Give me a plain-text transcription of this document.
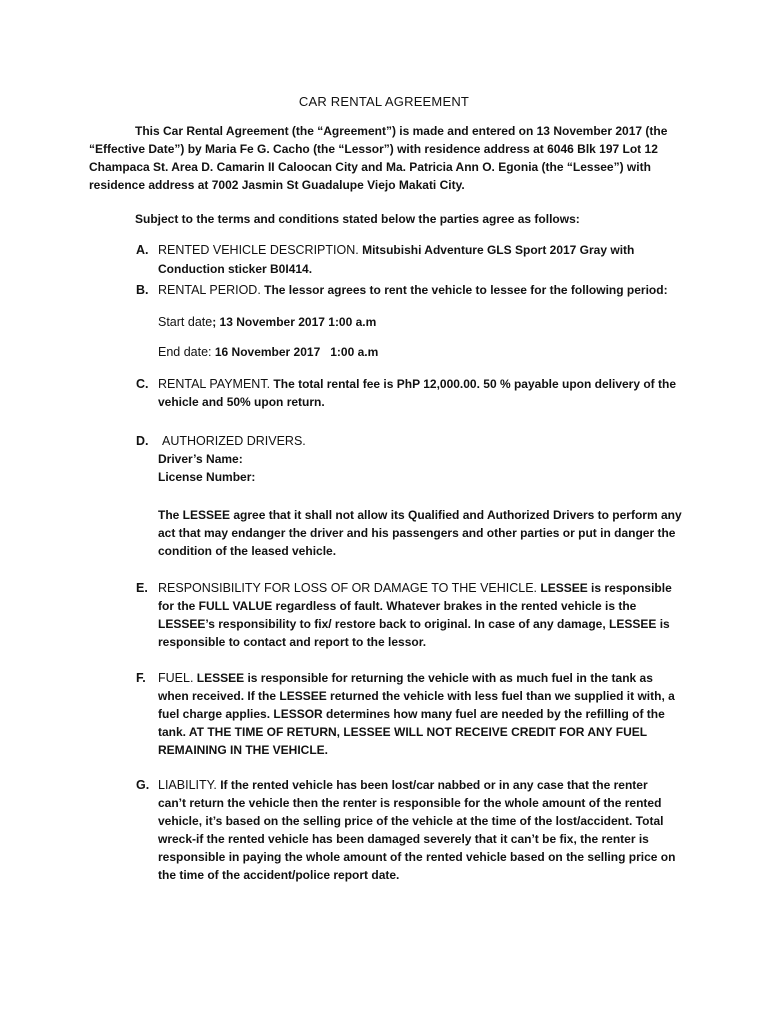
CAR RENTAL AGREEMENT
This Car Rental Agreement (the “Agreement”) is made and entered on 13 November 2017 (the “Effective Date”) by Maria Fe G. Cacho (the “Lessor”) with residence address at 6046 Blk 197 Lot 12 Champaca St. Area D. Camarin II Caloocan City and Ma. Patricia Ann O. Egonia (the “Lessee”) with residence address at 7002 Jasmin St Guadalupe Viejo Makati City.
Subject to the terms and conditions stated below the parties agree as follows:
A. RENTED VEHICLE DESCRIPTION. Mitsubishi Adventure GLS Sport 2017 Gray with Conduction sticker B0I414.
B. RENTAL PERIOD. The lessor agrees to rent the vehicle to lessee for the following period:
Start date; 13 November 2017 1:00 a.m
End date: 16 November 2017   1:00 a.m
C. RENTAL PAYMENT. The total rental fee is PhP 12,000.00. 50 % payable upon delivery of the vehicle and 50% upon return.
D. AUTHORIZED DRIVERS.
Driver’s Name:
License Number:
The LESSEE agree that it shall not allow its Qualified and Authorized Drivers to perform any act that may endanger the driver and his passengers and other parties or put in danger the condition of the leased vehicle.
E. RESPONSIBILITY FOR LOSS OF OR DAMAGE TO THE VEHICLE. LESSEE is responsible for the FULL VALUE regardless of fault. Whatever brakes in the rented vehicle is the LESSEE’s responsibility to fix/ restore back to original. In case of any damage, LESSEE is responsible to contact and report to the lessor.
F. FUEL. LESSEE is responsible for returning the vehicle with as much fuel in the tank as when received. If the LESSEE returned the vehicle with less fuel than we supplied it with, a fuel charge applies. LESSOR determines how many fuel are needed by the refilling of the tank. AT THE TIME OF RETURN, LESSEE WILL NOT RECEIVE CREDIT FOR ANY FUEL REMAINING IN THE VEHICLE.
G. LIABILITY. If the rented vehicle has been lost/car nabbed or in any case that the renter can’t return the vehicle then the renter is responsible for the whole amount of the rented vehicle, it’s based on the selling price of the vehicle at the time of the lost/accident. Total wreck-if the rented vehicle has been damaged severely that it can’t be fix, the renter is responsible in paying the whole amount of the rented vehicle based on the selling price on the time of the accident/police report date.
